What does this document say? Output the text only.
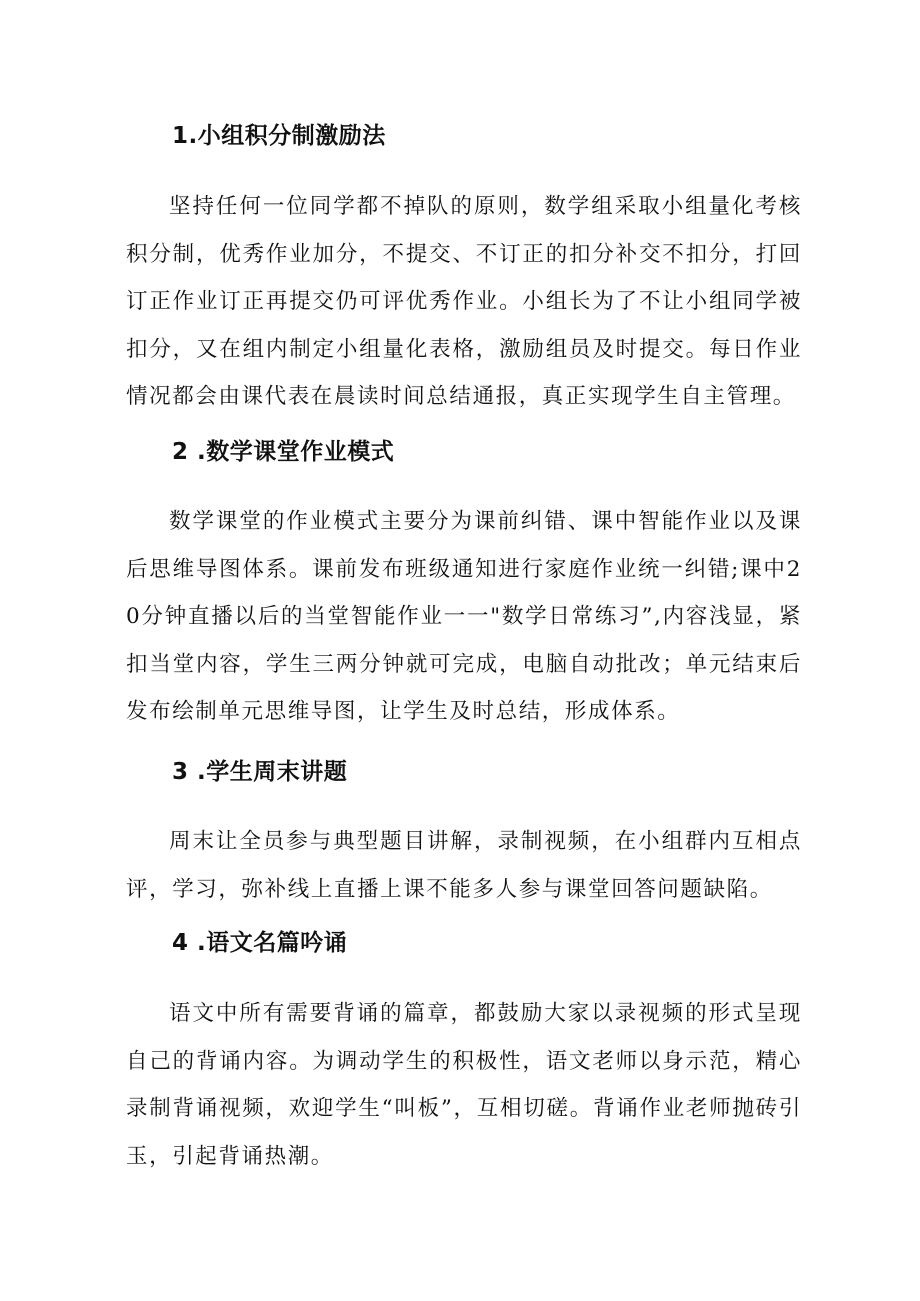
1.小组积分制激励法

坚持任何一位同学都不掉队的原则，数学组采取小组量化考核积分制，优秀作业加分，不提交、不订正的扣分补交不扣分，打回订正作业订正再提交仍可评优秀作业。小组长为了不让小组同学被扣分，又在组内制定小组量化表格，激励组员及时提交。每日作业情况都会由课代表在晨读时间总结通报，真正实现学生自主管理。

2 .数学课堂作业模式

数学课堂的作业模式主要分为课前纠错、课中智能作业以及课后思维导图体系。课前发布班级通知进行家庭作业统一纠错;课中20分钟直播以后的当堂智能作业一一"数学日常练习”,内容浅显，紧扣当堂内容，学生三两分钟就可完成，电脑自动批改；单元结束后发布绘制单元思维导图，让学生及时总结，形成体系。

3 .学生周末讲题

周末让全员参与典型题目讲解，录制视频，在小组群内互相点评，学习，弥补线上直播上课不能多人参与课堂回答问题缺陷。

4 .语文名篇吟诵

语文中所有需要背诵的篇章，都鼓励大家以录视频的形式呈现自己的背诵内容。为调动学生的积极性，语文老师以身示范，精心录制背诵视频，欢迎学生“叫板”，互相切磋。背诵作业老师抛砖引玉，引起背诵热潮。
